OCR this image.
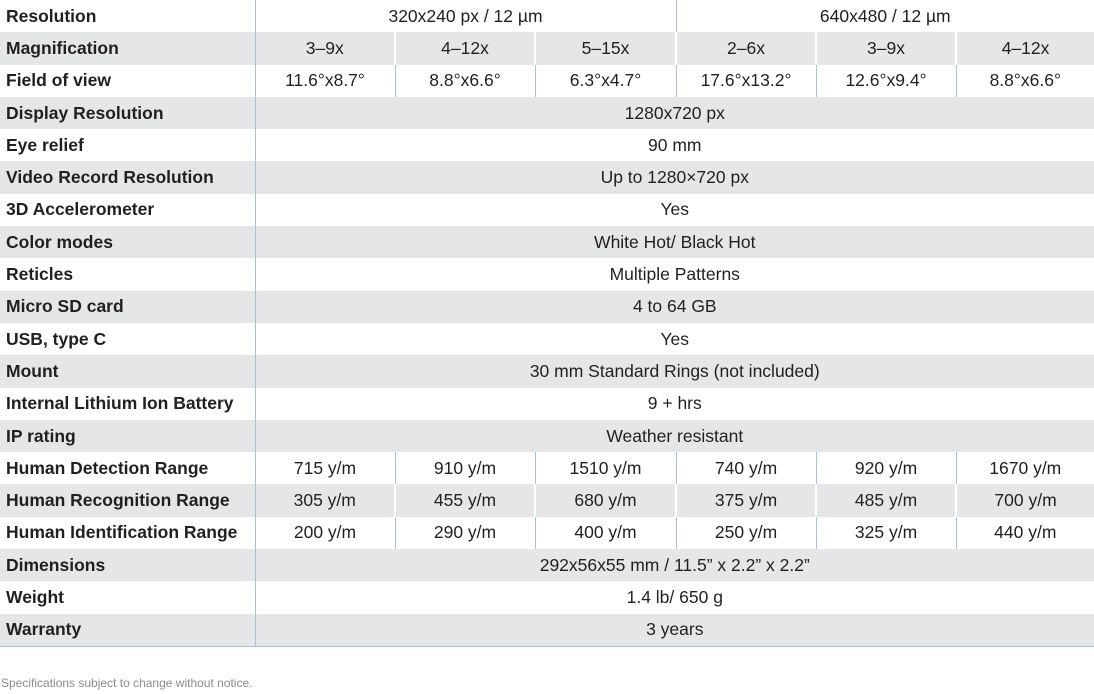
Resolution	320x240 px / 12 µm			640x480 / 12 µm		
Magnification	3–9x	4–12x	5–15x	2–6x	3–9x	4–12x
Field of view	11.6°x8.7°	8.8°x6.6°	6.3°x4.7°	17.6°x13.2°	12.6°x9.4°	8.8°x6.6°
Display Resolution	1280x720 px					
Eye relief	90 mm					
Video Record Resolution	Up to 1280×720 px					
3D Accelerometer	Yes					
Color modes	White Hot/ Black Hot					
Reticles	Multiple Patterns					
Micro SD card	4 to 64 GB					
USB, type C	Yes					
Mount	30 mm Standard Rings (not included)					
Internal Lithium Ion Battery	9 + hrs					
IP rating	Weather resistant					
Human Detection Range	715 y/m	910 y/m	1510 y/m	740 y/m	920 y/m	1670 y/m
Human Recognition Range	305 y/m	455 y/m	680 y/m	375 y/m	485 y/m	700 y/m
Human Identification Range	200 y/m	290 y/m	400 y/m	250 y/m	325 y/m	440 y/m
Dimensions	292x56x55 mm / 11.5” x 2.2” x 2.2”					
Weight	1.4 lb/ 650 g					
Warranty	3 years					
Specifications subject to change without notice.
